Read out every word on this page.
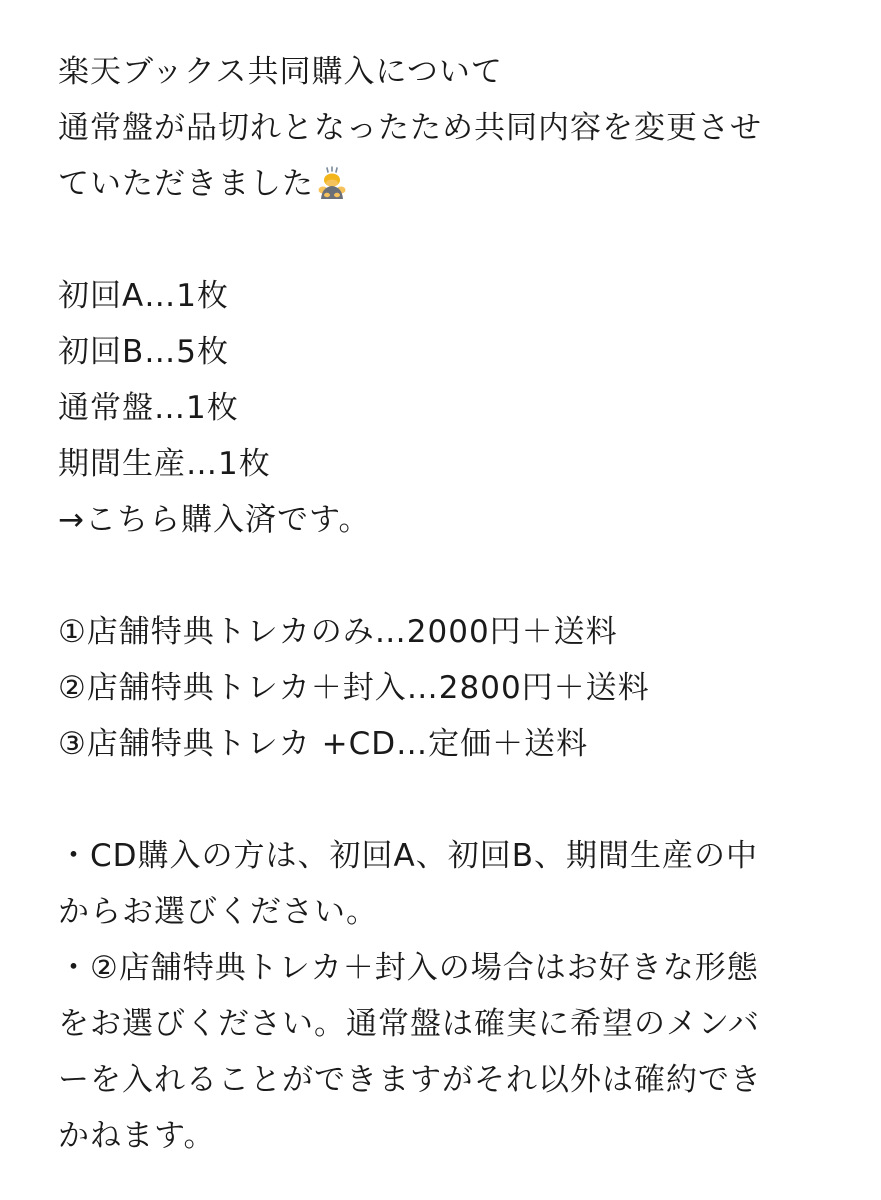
楽天ブックス共同購入について
通常盤が品切れとなったため共同内容を変更させ
ていただきました
初回A…1枚
初回B…5枚
通常盤…1枚
期間生産…1枚
→こちら購入済です。
①店舗特典トレカのみ…2000円＋送料
②店舗特典トレカ＋封入…2800円＋送料
③店舗特典トレカ +CD…定価＋送料
・CD購入の方は、初回A、初回B、期間生産の中
からお選びください。
・②店舗特典トレカ＋封入の場合はお好きな形態
をお選びください。通常盤は確実に希望のメンバ
ーを入れることができますがそれ以外は確約でき
かねます。
